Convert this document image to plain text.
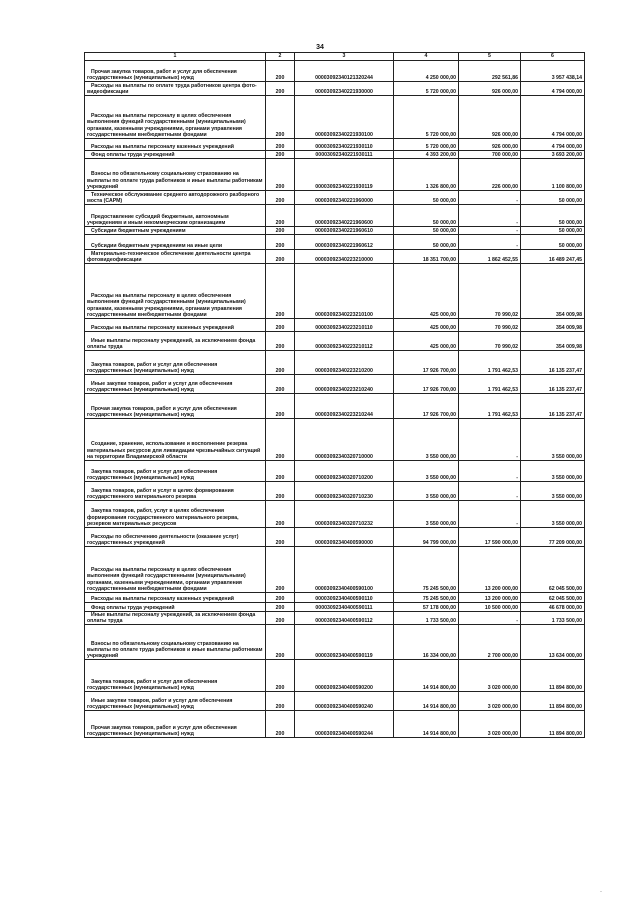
34
1	2	3	4	5	6
Прочая закупка товаров, работ и услуг для обеспечения государственных (муниципальных) нужд	200	00003092340121320244	4 250 000,00	292 561,86	3 957 438,14
Расходы на выплаты по оплате труда работников центра фото-видеофиксации	200	00003092340221930000	5 720 000,00	926 000,00	4 794 000,00
Расходы на выплаты персоналу в целях обеспечения выполнения функций государственными (муниципальными) органами, казенными учреждениями, органами управления государственными внебюджетными фондами	200	00003092340221930100	5 720 000,00	926 000,00	4 794 000,00
Расходы на выплаты персоналу казенных учреждений	200	00003092340221930110	5 720 000,00	926 000,00	4 794 000,00
Фонд оплаты труда учреждений	200	00003092340221930111	4 393 200,00	700 000,00	3 693 200,00
Взносы по обязательному социальному страхованию на выплаты по оплате труда работников и иные выплаты работникам учреждений	200	00003092340221930119	1 326 800,00	226 000,00	1 100 800,00
Техническое обслуживание среднего автодорожного разборного моста (САРМ)	200	00003092340221960000	50 000,00	-	50 000,00
Предоставление субсидий бюджетным, автономным учреждениям и иным некоммерческим организациям	200	00003092340221960600	50 000,00	-	50 000,00
Субсидии бюджетным учреждениям	200	00003092340221960610	50 000,00	-	50 000,00
Субсидии бюджетным учреждениям на иные цели	200	00003092340221960612	50 000,00	-	50 000,00
Материально-техническое обеспечение деятельности центра фотовидеофиксации	200	00003092340223210000	18 351 700,00	1 862 452,55	16 489 247,45
Расходы на выплаты персоналу в целях обеспечения выполнения функций государственными (муниципальными) органами, казенными учреждениями, органами управления государственными внебюджетными фондами	200	00003092340223210100	425 000,00	70 990,02	354 009,98
Расходы на выплаты персоналу казенных учреждений	200	00003092340223210110	425 000,00	70 990,02	354 009,98
Иные выплаты персоналу учреждений, за исключением фонда оплаты труда	200	00003092340223210112	425 000,00	70 990,02	354 009,98
Закупка товаров, работ и услуг для обеспечения государственных (муниципальных) нужд	200	00003092340223210200	17 926 700,00	1 791 462,53	16 135 237,47
Иные закупки товаров, работ и услуг для обеспечения государственных (муниципальных) нужд	200	00003092340223210240	17 926 700,00	1 791 462,53	16 135 237,47
Прочая закупка товаров, работ и услуг для обеспечения государственных (муниципальных) нужд	200	00003092340223210244	17 926 700,00	1 791 462,53	16 135 237,47
Создание, хранение, использование и восполнение резерва материальных ресурсов для ликвидации чрезвычайных ситуаций на территории Владимирской области	200	00003092340320710000	3 550 000,00	-	3 550 000,00
Закупка товаров, работ и услуг для обеспечения государственных (муниципальных) нужд	200	00003092340320710200	3 550 000,00	-	3 550 000,00
Закупка товаров, работ и услуг в целях формирования государственного материального резерва	200	00003092340320710230	3 550 000,00	-	3 550 000,00
Закупка товаров, работ, услуг в целях обеспечения формирования государственного материального резерва, резервов материальных ресурсов	200	00003092340320710232	3 550 000,00	-	3 550 000,00
Расходы по обеспечению деятельности (оказание услуг) государственных учреждений	200	00003092340400590000	94 799 000,00	17 590 000,00	77 209 000,00
Расходы на выплаты персоналу в целях обеспечения выполнения функций государственными (муниципальными) органами, казенными учреждениями, органами управления государственными внебюджетными фондами	200	00003092340400590100	75 245 500,00	13 200 000,00	62 045 500,00
Расходы на выплаты персоналу казенных учреждений	200	00003092340400590110	75 245 500,00	13 200 000,00	62 045 500,00
Фонд оплаты труда учреждений	200	00003092340400590111	57 178 000,00	10 500 000,00	46 678 000,00
Иные выплаты персоналу учреждений, за исключением фонда оплаты труда	200	00003092340400590112	1 733 500,00	-	1 733 500,00
Взносы по обязательному социальному страхованию на выплаты по оплате труда работников и иные выплаты работникам учреждений	200	00003092340400590119	16 334 000,00	2 700 000,00	13 634 000,00
Закупка товаров, работ и услуг для обеспечения государственных (муниципальных) нужд	200	00003092340400590200	14 914 800,00	3 020 000,00	11 894 800,00
Иные закупки товаров, работ и услуг для обеспечения государственных (муниципальных) нужд	200	00003092340400590240	14 914 800,00	3 020 000,00	11 894 800,00
Прочая закупка товаров, работ и услуг для обеспечения государственных (муниципальных) нужд	200	00003092340400590244	14 914 800,00	3 020 000,00	11 894 800,00
·
